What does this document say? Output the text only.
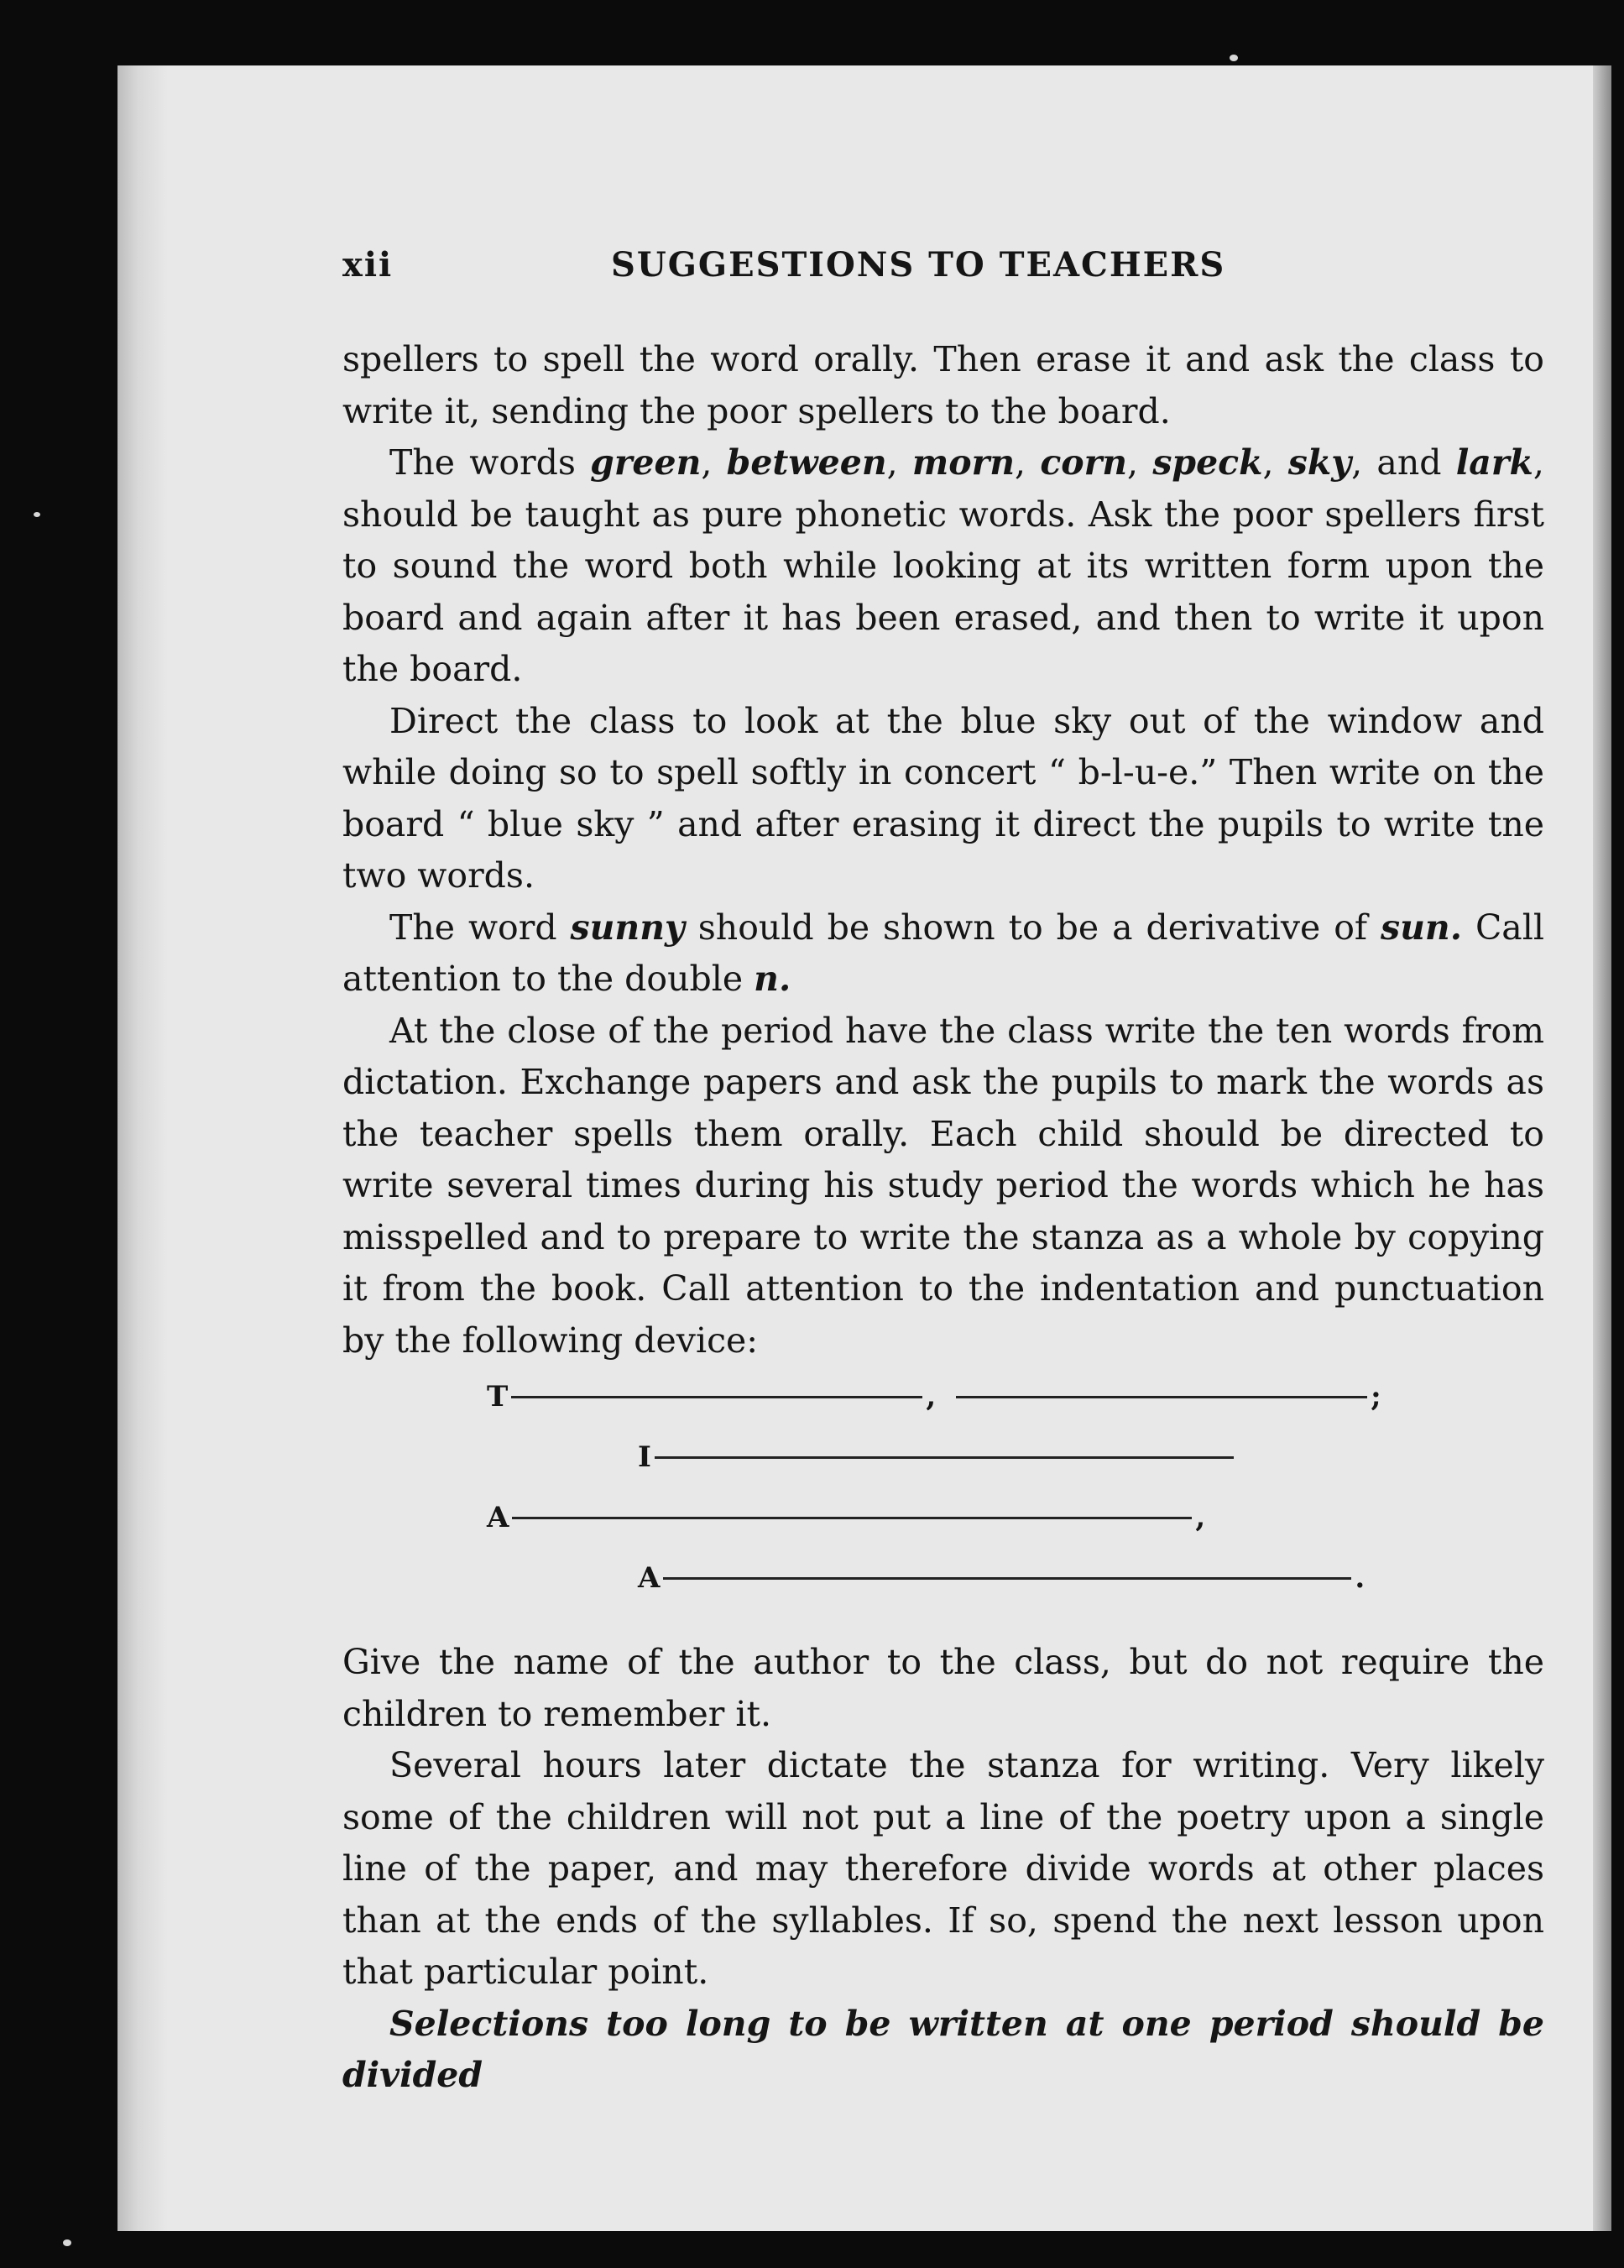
xii	SUGGESTIONS TO TEACHERS

spellers to spell the word orally. Then erase it and ask the class to write it, sending the poor spellers to the board.

The words green, between, morn, corn, speck, sky, and lark, should be taught as pure phonetic words. Ask the poor spellers first to sound the word both while looking at its written form upon the board and again after it has been erased, and then to write it upon the board.

Direct the class to look at the blue sky out of the window and while doing so to spell softly in concert “ b-l-u-e.” Then write on the board “ blue sky ” and after erasing it direct the pupils to write tne two words.

The word sunny should be shown to be a derivative of sun. Call attention to the double n.

At the close of the period have the class write the ten words from dictation. Exchange papers and ask the pupils to mark the words as the teacher spells them orally. Each child should be directed to write several times during his study period the words which he has misspelled and to prepare to write the stanza as a whole by copying it from the book. Call attention to the indentation and punctuation by the following device:

T	,	;
I
A	,
A	.

Give the name of the author to the class, but do not require the children to remember it.

Several hours later dictate the stanza for writing. Very likely some of the children will not put a line of the poetry upon a single line of the paper, and may therefore divide words at other places than at the ends of the syllables. If so, spend the next lesson upon that particular point.

Selections too long to be written at one period should be divided
